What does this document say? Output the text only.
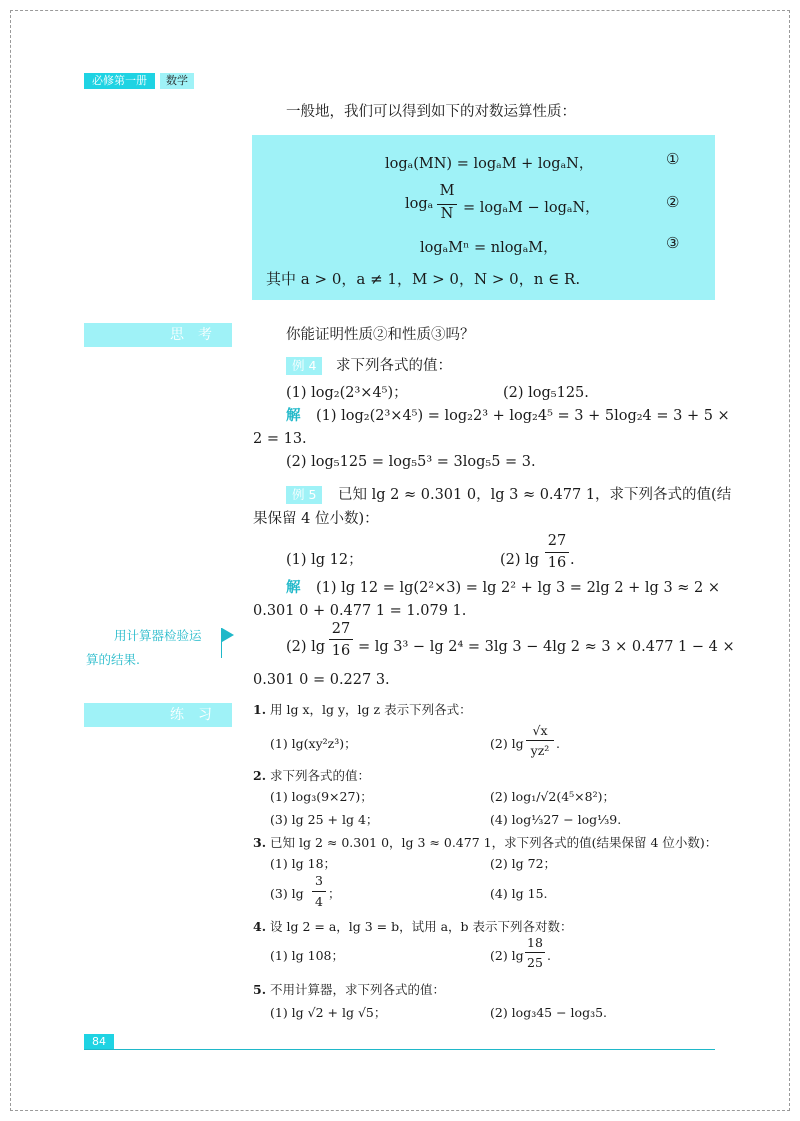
必修第一册	数学
一般地，我们可以得到如下的对数运算性质：
logₐ(MN) = logₐM + logₐN，	①
logₐ
M
N = logₐM − logₐN，	②
logₐMⁿ = nlogₐM，	③
其中 a > 0，a ≠ 1，M > 0，N > 0，n ∈ R.
思考	你能证明性质②和性质③吗？
例 4	求下列各式的值：
(1) log₂(2³×4⁵)；	(2) log₅125.
解 (1) log₂(2³×4⁵) = log₂2³ + log₂4⁵ = 3 + 5log₂4 = 3 + 5 ×
2 = 13.
(2) log₅125 = log₅5³ = 3log₅5 = 3.
例 5	已知 lg 2 ≈ 0.301 0，lg 3 ≈ 0.477 1，求下列各式的值(结
果保留 4 位小数)：
(1) lg 12；	(2) lg
27
16 .
解 (1) lg 12 = lg(2²×3) = lg 2² + lg 3 = 2lg 2 + lg 3 ≈ 2 ×
0.301 0 + 0.477 1 = 1.079 1.
(2) lg
27
16 = lg 3³ − lg 2⁴ = 3lg 3 − 4lg 2 ≈ 3 × 0.477 1 − 4 ×
0.301 0 = 0.227 3.
用计算器检验运
算的结果.
练习	1. 用 lg x，lg y，lg z 表示下列各式：
(1) lg(xy²z³)；	(2) lg
√x
yz² .
2. 求下列各式的值：
(1) log₃(9×27)；	(2) log₁/√2(4⁵×8²)；
(3) lg 25 + lg 4；	(4) log⅓27 − log⅓9.
3. 已知 lg 2 ≈ 0.301 0，lg 3 ≈ 0.477 1，求下列各式的值(结果保留 4 位小数)：
(1) lg 18；	(2) lg 72；
(3) lg
3
4
；	(4) lg 15.
4. 设 lg 2 = a，lg 3 = b，试用 a，b 表示下列各对数：
(1) lg 108；	(2) lg
18
25 .
5. 不用计算器，求下列各式的值：
(1) lg √2 + lg √5；	(2) log₃45 − log₃5.
84
